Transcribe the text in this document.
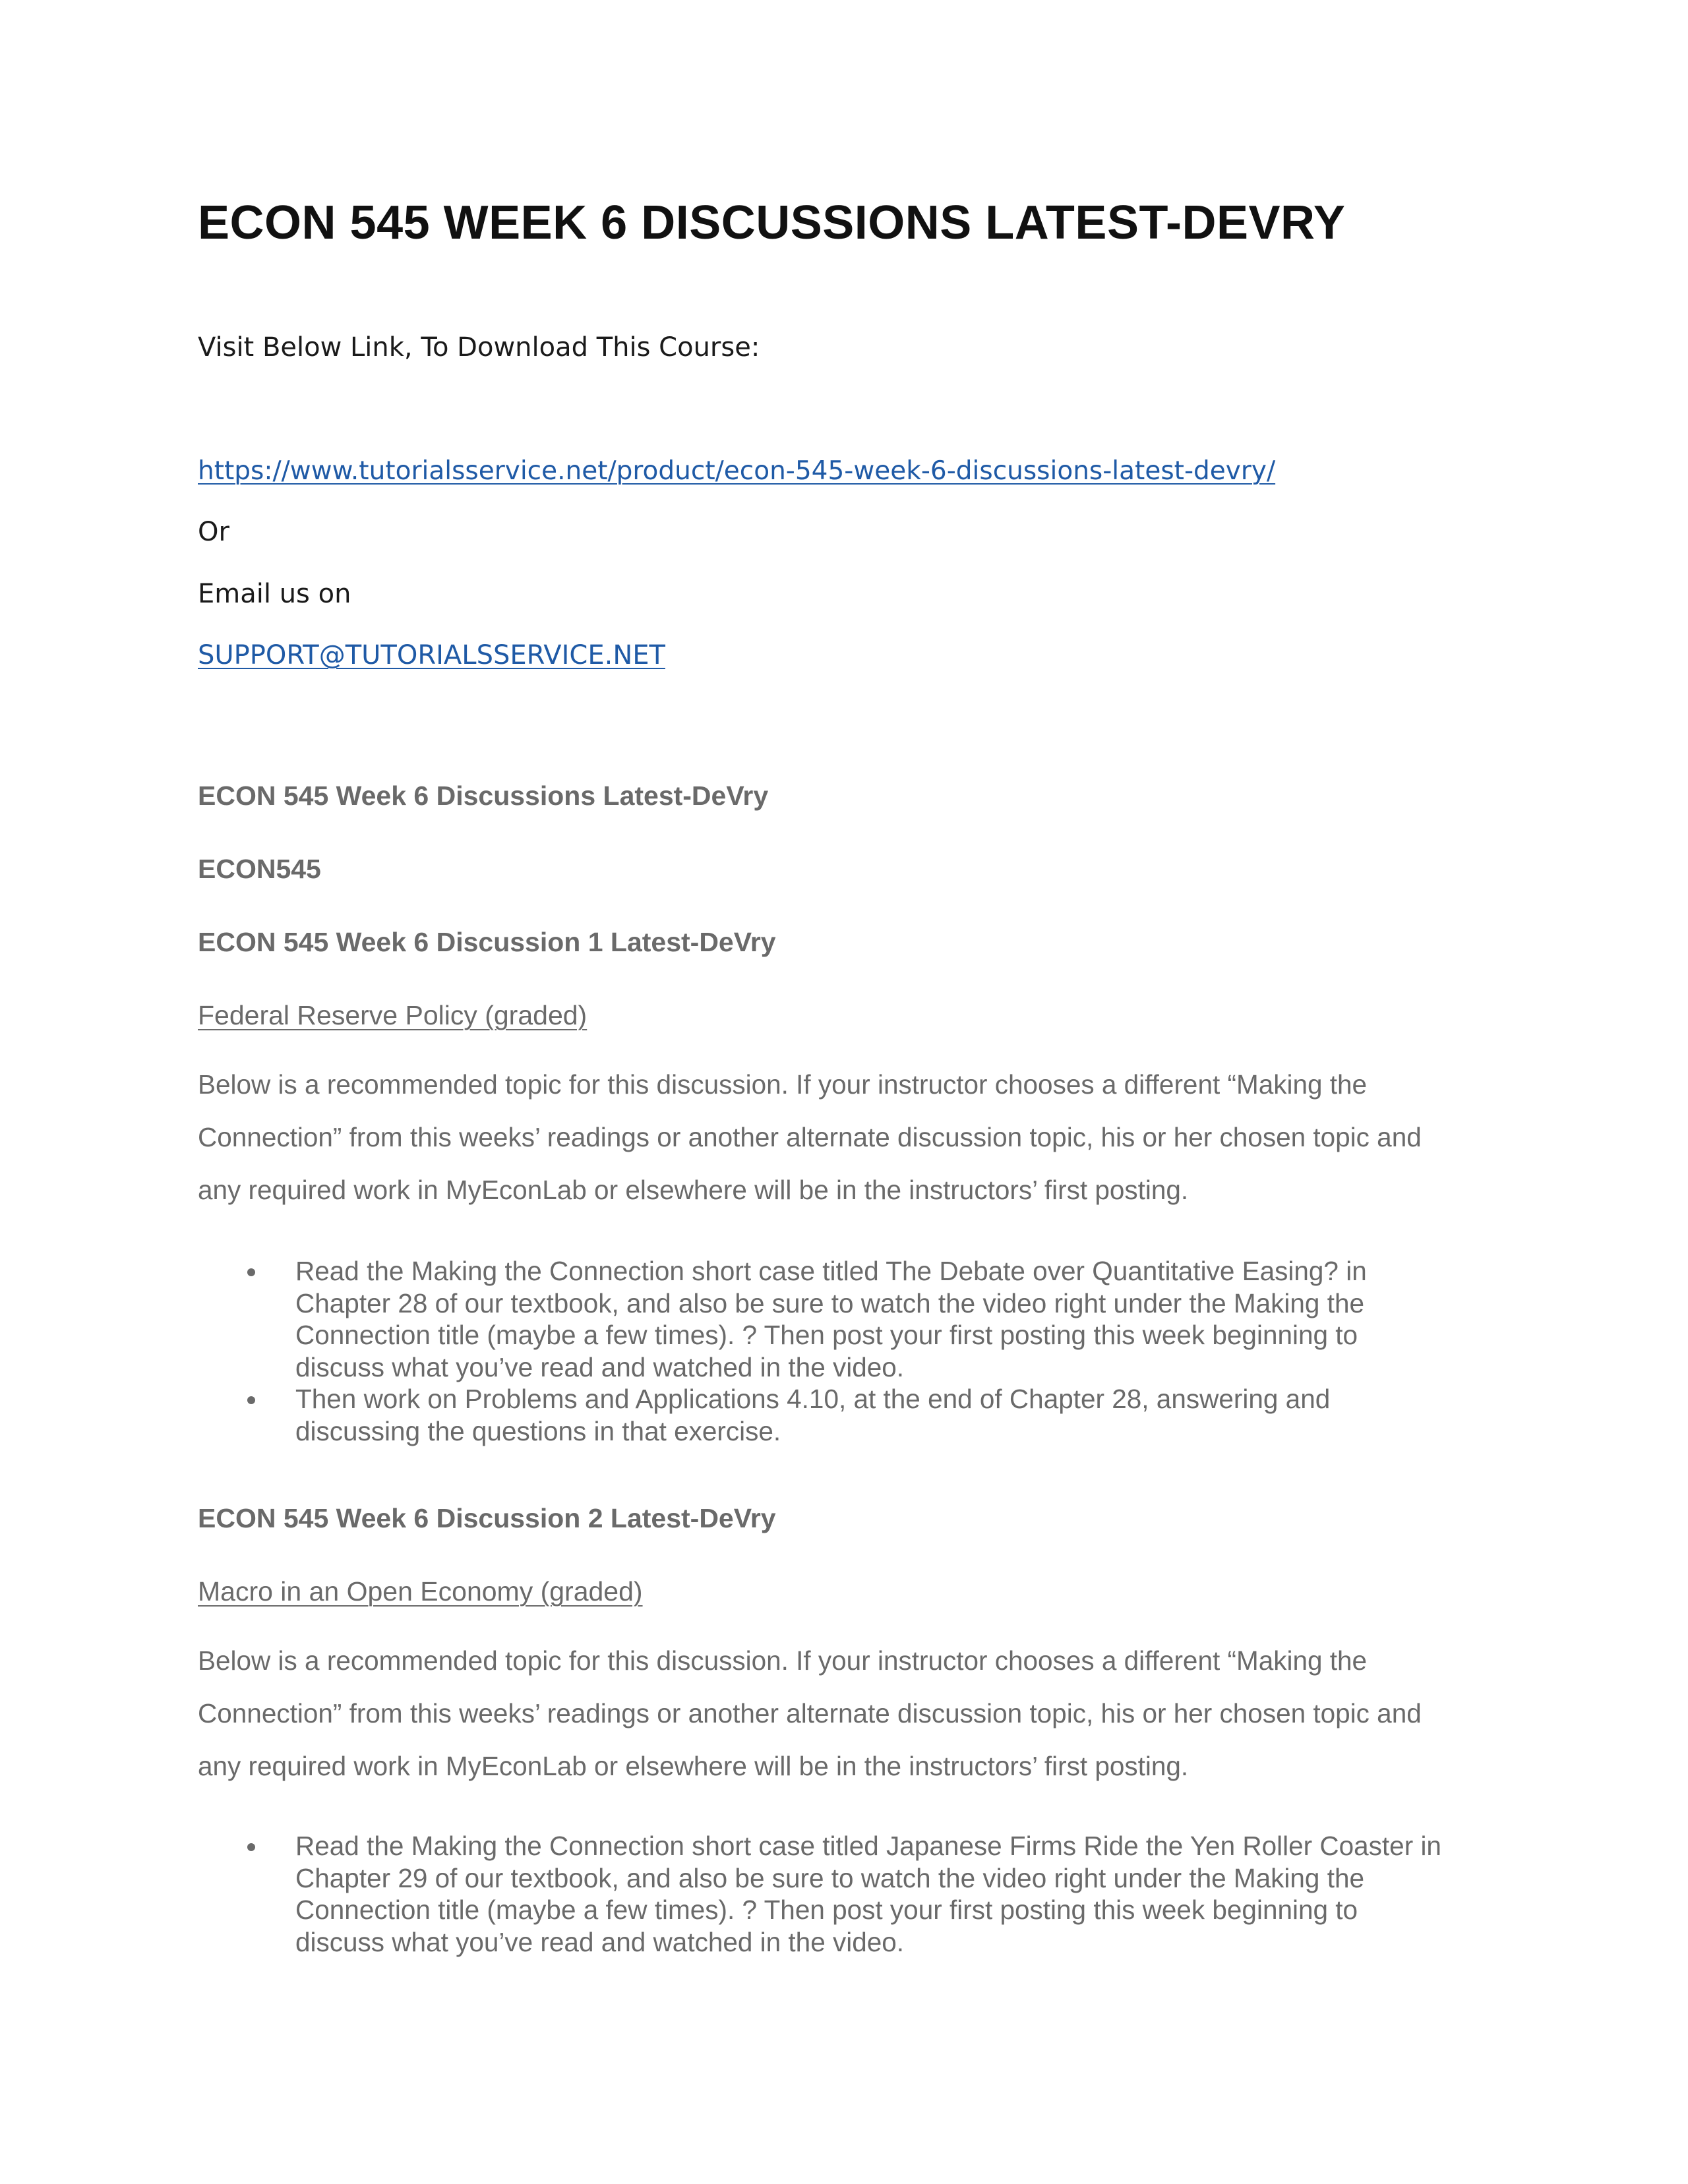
ECON 545 WEEK 6 DISCUSSIONS LATEST-DEVRY

Visit Below Link, To Download This Course:

https://www.tutorialsservice.net/product/econ-545-week-6-discussions-latest-devry/

Or

Email us on

SUPPORT@TUTORIALSSERVICE.NET
ECON 545 Week 6 Discussions Latest-DeVry
ECON545
ECON 545 Week 6 Discussion 1 Latest-DeVry

Federal Reserve Policy (graded)

Below is a recommended topic for this discussion. If your instructor chooses a different “Making the
Connection” from this weeks’ readings or another alternate discussion topic, his or her chosen topic and
any required work in MyEconLab or elsewhere will be in the instructors’ first posting.
Read the Making the Connection short case titled The Debate over Quantitative Easing? in
Chapter 28 of our textbook, and also be sure to watch the video right under the Making the
Connection title (maybe a few times). ? Then post your first posting this week beginning to
discuss what you’ve read and watched in the video.
Then work on Problems and Applications 4.10, at the end of Chapter 28, answering and
discussing the questions in that exercise.
ECON 545 Week 6 Discussion 2 Latest-DeVry

Macro in an Open Economy (graded)

Below is a recommended topic for this discussion. If your instructor chooses a different “Making the
Connection” from this weeks’ readings or another alternate discussion topic, his or her chosen topic and
any required work in MyEconLab or elsewhere will be in the instructors’ first posting.
Read the Making the Connection short case titled Japanese Firms Ride the Yen Roller Coaster in
Chapter 29 of our textbook, and also be sure to watch the video right under the Making the
Connection title (maybe a few times). ? Then post your first posting this week beginning to
discuss what you’ve read and watched in the video.
